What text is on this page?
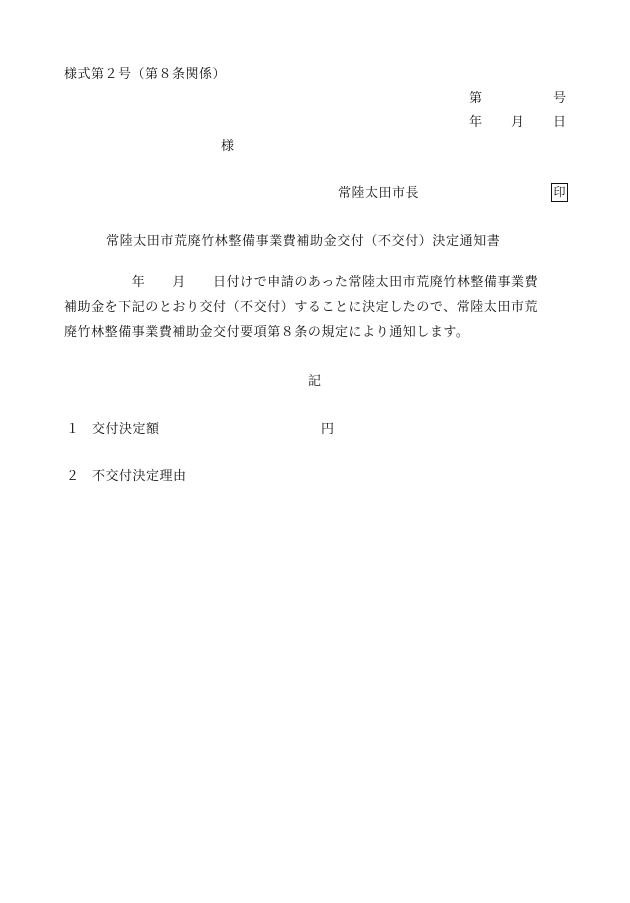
様式第２号（第８条関係）
第	号
年 月 日
様
常陸太田市長	印
常陸太田市荒廃竹林整備事業費補助金交付（不交付）決定通知書
　　　　　年　　月　　日付けで申請のあった常陸太田市荒廃竹林整備事業費
補助金を下記のとおり交付（不交付）することに決定したので、常陸太田市荒
廃竹林整備事業費補助金交付要項第８条の規定により通知します。
記
１ 交付決定額	円
２ 不交付決定理由
